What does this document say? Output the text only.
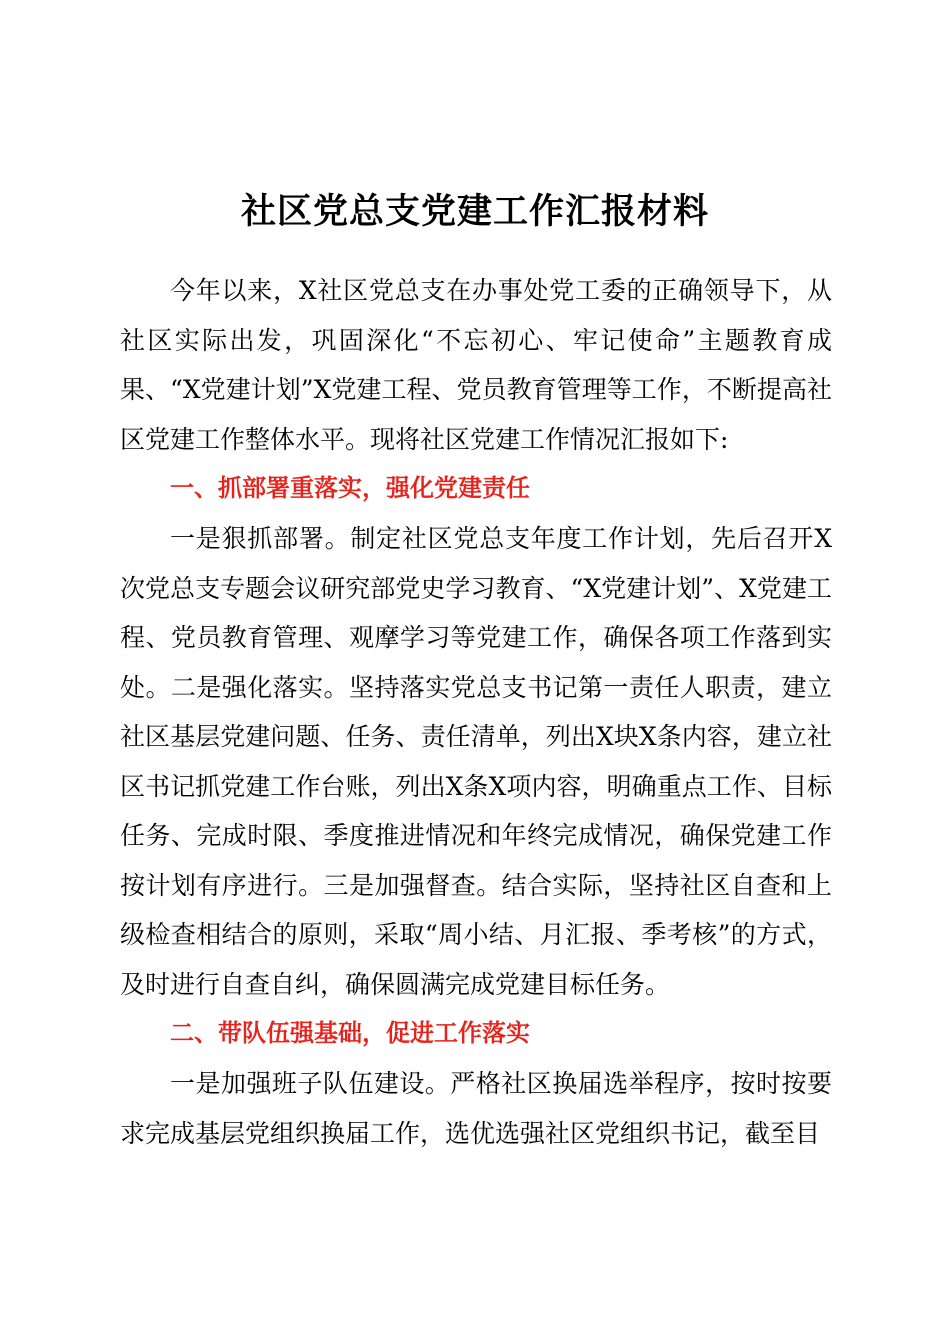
社区党总支党建工作汇报材料

今年以来，X社区党总支在办事处党工委的正确领导下，从社区实际出发，巩固深化“不忘初心、牢记使命”主题教育成果、“X党建计划”X党建工程、党员教育管理等工作，不断提高社区党建工作整体水平。现将社区党建工作情况汇报如下:

一、抓部署重落实，强化党建责任

一是狠抓部署。制定社区党总支年度工作计划，先后召开X次党总支专题会议研究部党史学习教育、“X党建计划”、X党建工程、党员教育管理、观摩学习等党建工作，确保各项工作落到实处。二是强化落实。坚持落实党总支书记第一责任人职责，建立社区基层党建问题、任务、责任清单，列出X块X条内容，建立社区书记抓党建工作台账，列出X条X项内容，明确重点工作、目标任务、完成时限、季度推进情况和年终完成情况，确保党建工作按计划有序进行。三是加强督查。结合实际，坚持社区自查和上级检查相结合的原则，采取“周小结、月汇报、季考核”的方式，及时进行自查自纠，确保圆满完成党建目标任务。

二、带队伍强基础，促进工作落实

一是加强班子队伍建设。严格社区换届选举程序，按时按要求完成基层党组织换届工作，选优选强社区党组织书记，截至目
